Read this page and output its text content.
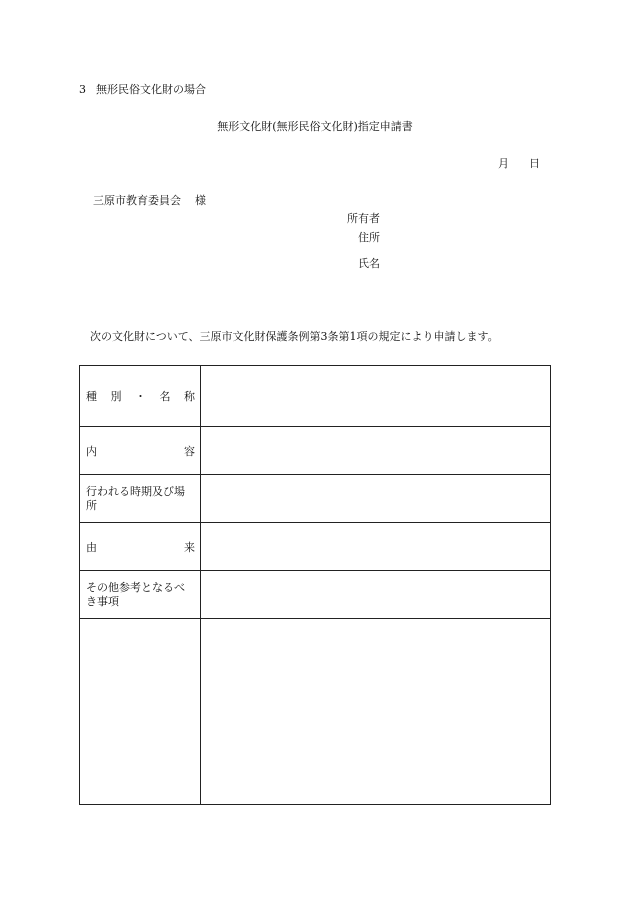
3 無形民俗文化財の場合
無形文化財(無形民俗文化財)指定申請書
月 日
三原市教育委員会 様
所有者
住所
氏名
次の文化財について、三原市文化財保護条例第3条第1項の規定により申請します。
種 別 ・ 名 称	

内 容	

行われる時期及び場所	

由 来	

その他参考となるべき事項	
